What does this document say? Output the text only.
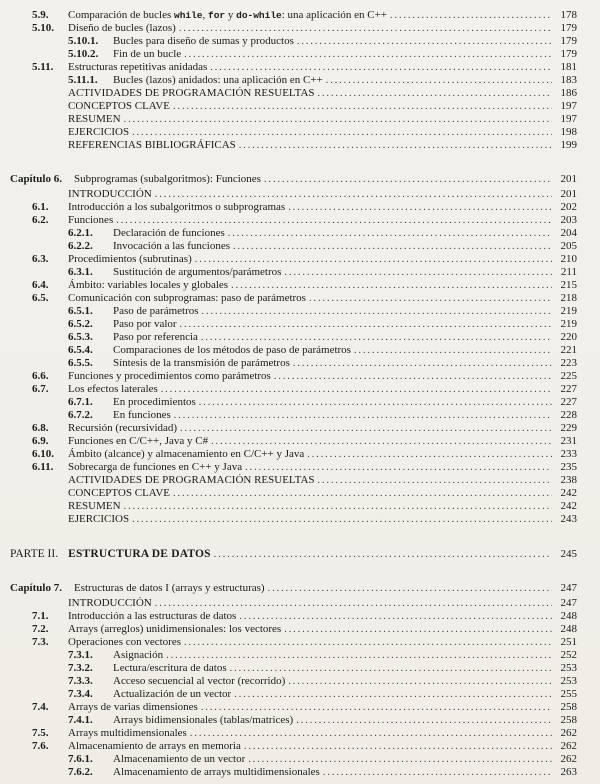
5.9.	Comparación de bucles while, for y do-while: una aplicación en C++ .....	178
5.10.	Diseño de bucles (lazos) .....	179
5.10.1.	Bucles para diseño de sumas y productos .....	179
5.10.2.	Fin de un bucle .....	179
5.11.	Estructuras repetitivas anidadas .....	181
5.11.1.	Bucles (lazos) anidados: una aplicación en C++ .....	183
ACTIVIDADES DE PROGRAMACIÓN RESUELTAS .....	186
CONCEPTOS CLAVE .....	197
RESUMEN .....	197
EJERCICIOS .....	198
REFERENCIAS BIBLIOGRÁFICAS .....	199
Capítulo 6. Subprogramas (subalgoritmos): Funciones .....	201
INTRODUCCIÓN .....	201
6.1.	Introducción a los subalgoritmos o subprogramas .....	202
6.2.	Funciones .....	203
6.2.1.	Declaración de funciones .....	204
6.2.2.	Invocación a las funciones .....	205
6.3.	Procedimientos (subrutinas) .....	210
6.3.1.	Sustitución de argumentos/parámetros .....	211
6.4.	Ámbito: variables locales y globales .....	215
6.5.	Comunicación con subprogramas: paso de parámetros .....	218
6.5.1.	Paso de parámetros .....	219
6.5.2.	Paso por valor .....	219
6.5.3.	Paso por referencia .....	220
6.5.4.	Comparaciones de los métodos de paso de parámetros .....	221
6.5.5.	Síntesis de la transmisión de parámetros .....	223
6.6.	Funciones y procedimientos como parámetros .....	225
6.7.	Los efectos laterales .....	227
6.7.1.	En procedimientos .....	227
6.7.2.	En funciones .....	228
6.8.	Recursión (recursividad) .....	229
6.9.	Funciones en C/C++, Java y C# .....	231
6.10.	Ámbito (alcance) y almacenamiento en C/C++ y Java .....	233
6.11.	Sobrecarga de funciones en C++ y Java .....	235
ACTIVIDADES DE PROGRAMACIÓN RESUELTAS .....	238
CONCEPTOS CLAVE .....	242
RESUMEN .....	242
EJERCICIOS .....	243
PARTE II. ESTRUCTURA DE DATOS .....	245
Capítulo 7. Estructuras de datos I (arrays y estructuras) .....	247
INTRODUCCIÓN .....	247
7.1.	Introducción a las estructuras de datos .....	248
7.2.	Arrays (arreglos) unidimensionales: los vectores .....	248
7.3.	Operaciones con vectores .....	251
7.3.1.	Asignación .....	252
7.3.2.	Lectura/escritura de datos .....	253
7.3.3.	Acceso secuencial al vector (recorrido) .....	253
7.3.4.	Actualización de un vector .....	255
7.4.	Arrays de varias dimensiones .....	258
7.4.1.	Arrays bidimensionales (tablas/matrices) .....	258
7.5.	Arrays multidimensionales .....	262
7.6.	Almacenamiento de arrays en memoria .....	262
7.6.1.	Almacenamiento de un vector .....	262
7.6.2.	Almacenamiento de arrays multidimensionales .....	263
